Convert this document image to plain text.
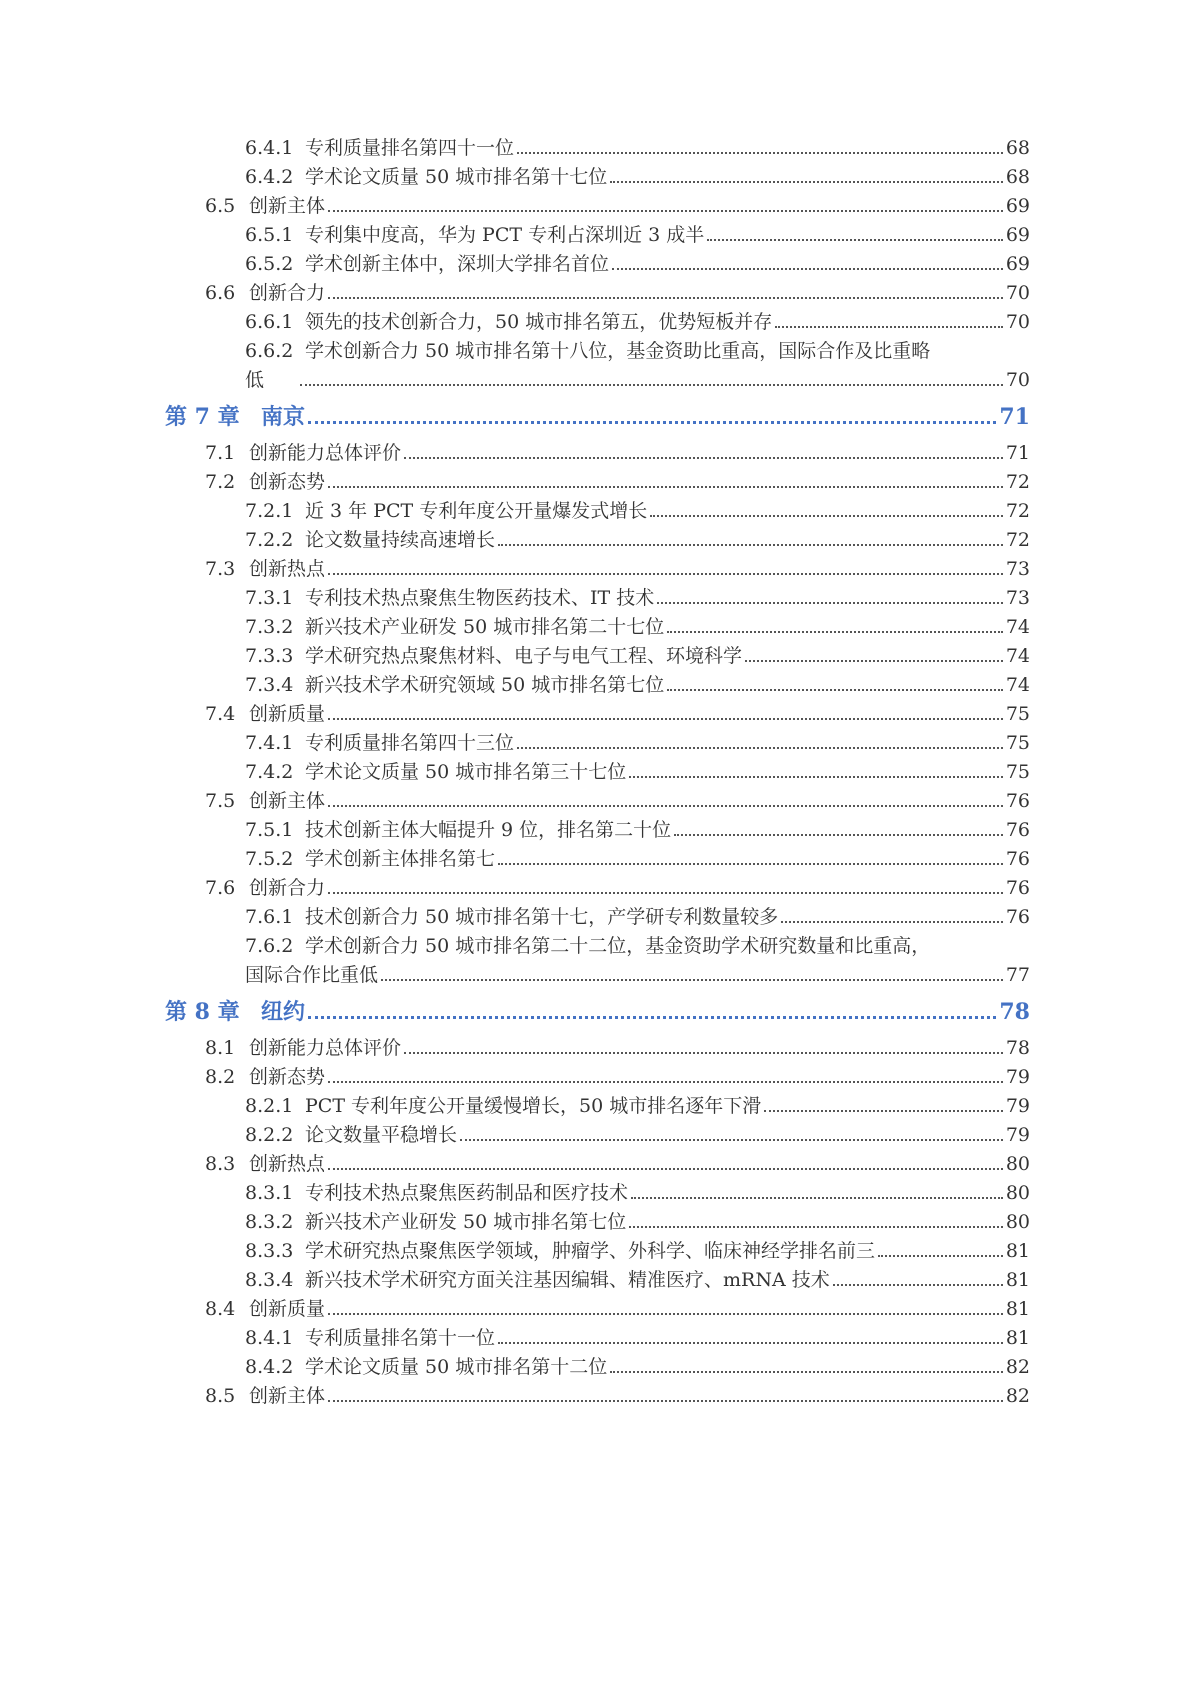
6.4.1 专利质量排名第四十一位	68
6.4.2 学术论文质量 50 城市排名第十七位	68
6.5 创新主体	69
6.5.1 专利集中度高，华为 PCT 专利占深圳近 3 成半	69
6.5.2 学术创新主体中，深圳大学排名首位	69
6.6 创新合力	70
6.6.1 领先的技术创新合力，50 城市排名第五，优势短板并存	70
6.6.2 学术创新合力 50 城市排名第十八位，基金资助比重高，国际合作及比重略
低	70
第 7 章 南京	71
7.1 创新能力总体评价	71
7.2 创新态势	72
7.2.1 近 3 年 PCT 专利年度公开量爆发式增长	72
7.2.2 论文数量持续高速增长	72
7.3 创新热点	73
7.3.1 专利技术热点聚焦生物医药技术、IT 技术	73
7.3.2 新兴技术产业研发 50 城市排名第二十七位	74
7.3.3 学术研究热点聚焦材料、电子与电气工程、环境科学	74
7.3.4 新兴技术学术研究领域 50 城市排名第七位	74
7.4 创新质量	75
7.4.1 专利质量排名第四十三位	75
7.4.2 学术论文质量 50 城市排名第三十七位	75
7.5 创新主体	76
7.5.1 技术创新主体大幅提升 9 位，排名第二十位	76
7.5.2 学术创新主体排名第七	76
7.6 创新合力	76
7.6.1 技术创新合力 50 城市排名第十七，产学研专利数量较多	76
7.6.2 学术创新合力 50 城市排名第二十二位，基金资助学术研究数量和比重高，
国际合作比重低	77
第 8 章 纽约	78
8.1 创新能力总体评价	78
8.2 创新态势	79
8.2.1 PCT 专利年度公开量缓慢增长，50 城市排名逐年下滑	79
8.2.2 论文数量平稳增长	79
8.3 创新热点	80
8.3.1 专利技术热点聚焦医药制品和医疗技术	80
8.3.2 新兴技术产业研发 50 城市排名第七位	80
8.3.3 学术研究热点聚焦医学领域，肿瘤学、外科学、临床神经学排名前三	81
8.3.4 新兴技术学术研究方面关注基因编辑、精准医疗、mRNA 技术	81
8.4 创新质量	81
8.4.1 专利质量排名第十一位	81
8.4.2 学术论文质量 50 城市排名第十二位	82
8.5 创新主体	82
